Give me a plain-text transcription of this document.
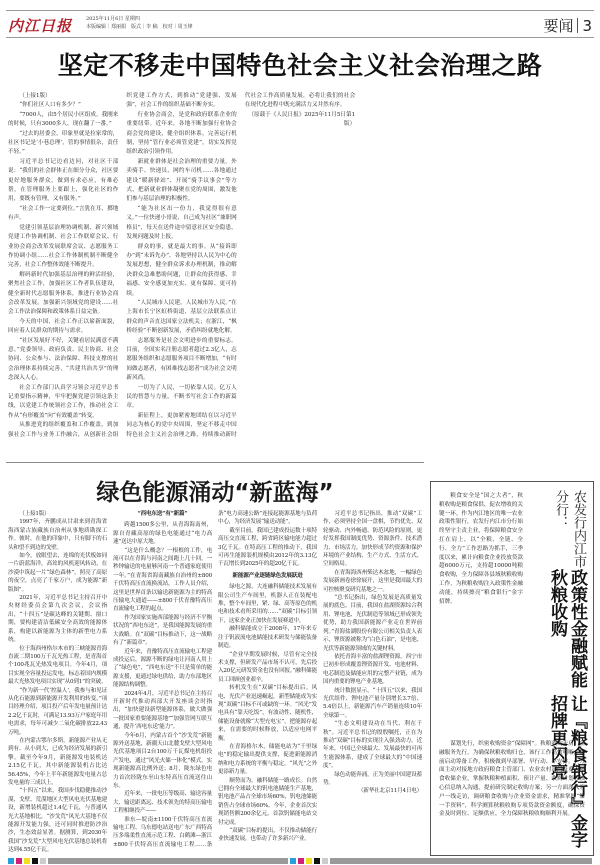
内江日报	2025年11月6日 星期四
本版编辑｜郑丽娟　版式｜李 稿　校对｜周玉烽	要闻 3
坚定不移走中国特色社会主义社会治理之路

（上接1版）

“你们社区人口有多少？”

“7000人，由5个居民小区组成。我刚来的时候，只有3000多人，现在翻了一番。”

“过去的居委会，印象里就是拉家常的，社区书记是‘小巷总理’，管的事情很杂，责任不轻。”

习近平总书记边看边问，对社区干部说：“我们的社会群体正在细分分众，社区要更好地服务群众，做到有求必应，有难必帮，在管理服务上要跟上，强化社区的作用，要既有管理，又有服务。”

“社会工作一定要到位。”言犹在耳，掷地有声。

党建引领基层治理协调机制、新兴领域党建工作协调机制、社会工作联席会议、行业协会商会改革发展联席会议、志愿服务工作协调小组……社会工作体制机制不断健全完善，社会工作整体效能不断提升。

解码新时代加强基层治理的鲜活经验，聚焦社会工作，加强社区工作者队伍建设，健全新时代志愿服务体系，推进行业协会商会改革发展，加强新兴领域党的建设……社会工作法治保障和政策体系日益完备。

今天的中国，社会工作正以崭新面貌，回应着人民群众的期待与需求。

“社区发展好不好，关键看居民满意不满意。”党委领导、政府负责、民主协商、社会协同、公众参与、法治保障、科技支撑的社会治理体系持续完善，“共建共治共享”的理念深入人心。

社会工作部门认真学习领会习近平总书记重要指示精神，牢牢把握党建引领这条主线，以党建工作统领社会工作，推动社会工作从“有形覆盖”向“有效覆盖”转变。

从推进党的组织覆盖和工作覆盖，到加强社会工作与业务工作融合，从创新社会组织党建工作方式，到推动“党建强、发展强”，社会工作的组织基础不断夯实。

行业协会商会，是党和政府联系企业的重要纽带。近年来，各地不断加强行业协会商会党的建设，健全组织体系，完善运行机制，坚持“管行业必须管党建”，切实发挥党组织政治引领作用。

新就业群体是社会治理的重要力量。外卖骑手、快递员、网约车司机……各地通过建设“暖新驿站”、开展“骑手议事会”等方式，把新就业群体凝聚在党的周围，激发他们参与基层治理的积极性。

“能为社区出一份力，我觉得很有意义。”一位快递小哥说，自己成为社区“兼职网格员”，每天在送件途中留意社区安全隐患，发现问题及时上报。

群众的事，就是最大的事。从“接诉即办”到“未诉先办”，各地坚持以人民为中心的发展思想，健全群众诉求办理机制，推动解决群众急难愁盼问题，让群众的获得感、幸福感、安全感更加充实、更有保障、更可持续。

“人民城市人民建，人民城市为人民。”在上海市长宁区虹桥街道，基层立法联系点让群众的声音直达国家立法机关；在浙江，“枫桥经验”不断创新发展，矛盾纠纷就地化解。

志愿服务是社会文明进步的重要标志。目前，全国实名注册志愿者超过2.3亿人，志愿服务组织和志愿服务项目不断增加，“有时间做志愿者，有困难找志愿者”成为社会文明新风尚。

一切为了人民，一切依靠人民。亿万人民的智慧与力量，不断书写社会工作的新篇章。

新征程上，更加紧密地团结在以习近平同志为核心的党中央周围，坚定不移走中国特色社会主义社会治理之路，持续推动新时代社会工作高质量发展，必将让我们的社会在现代化进程中既充满活力又井然有序。

（原载于《人民日报》2025年11月5日第1版）

绿色能源涌动“新蓝海”

（上接1版）

1997年，齐鹏成从甘肃来到青海省海西蒙古族藏族自治州从事地质勘探工作。彼时，在他的印象中，只有脚下的石头和望不到边的戈壁。

如今，放眼望去，连绵的光伏板如同一片蔚蓝海洋，高耸的风机迎风转动，在沙漠中筑起一片“绿色森林”，照亮了高原的夜空，点亮了千家万户，成为能源“新版图”。

2021年，习近平总书记主持召开中央财经委员会第九次会议，会议指出，“十四五”是碳达峰的关键期、窗口期，要构建清洁低碳安全高效的能源体系，构建以新能源为主体的新型电力系统。

位于海西州格尔木市的三峡能源青海直流二期100万千瓦光热工程，是青海首个100兆瓦光热发电项目。今年4月，项目实现全容量投运发电，标志着国内规模最大光热发电项目实现“从0到1”的突破。

“作为新一代‘控温人’，我参与和见证从化石能源到新能源开发利用的转变。”项目经理介绍，项目投产后年发电量预计达2.2亿千瓦时，可满足13.93万户家庭年用电需求，每年可减少二氧化碳排放22.43万吨。

在内蒙古鄂尔多斯，新能源产业从无到有、从小到大，已成为经济发展的新引擎。截至今年9月，新能源发电装机达2.15亿千瓦，其中新能源装机占比达56.45%，今年上半年新能源发电量占总发电量的三成以上。

“十四五”以来，我国步伐稳健推动沙漠、戈壁、荒漠地区大型风电光伏基地建设，新增装机超过1.4亿千瓦，与普通风光大基地相比，“沙戈荒”风光大基地不仅能源开发能力强，还可同时推进防沙治沙，生态效益显著。据测算，到2030年我国“沙戈荒”大型风电光伏基地总装机将达到4.55亿千瓦。

“西电东送”有“新篇”

跨越1500多公里，从青海海南州，源自青藏高原的绿色电能通过“电力高速”送达中原大地。

“这是什么概念？一根根的工件，电流可以在青海与河南之间跑上几十回。一秒钟输送的电量够河南一个普通家庭使用一年。”在青海省海南藏族自治州的±800千伏特高压直流换流站，工作人员介绍，这里是世界首条以输送新能源为主的特高压输电大通道——±800千伏青豫特高压直流输电工程的起点。

作为国家实施西部能源与经济不平衡状况的“西电东送”，是我国能源发展的重大战略。在“双碳”目标推动下，这一战略有了“新篇章”。

近年来，青豫特高压直流输电工程建成投运后，源源不断的绿电让河南人用上了“绿色电”，“西电东送”不只是简单的能源支援，更通过绿电供给，助力东部地区能源结构调整。

2024年4月，习近平总书记在主持召开新时代推动西部大开发座谈会时指出，“加快建设新型能源体系，做大做强一批国家重要能源基地”“加强管网互联互通，提升‘西电东送’能力”。

今年6月，内蒙古首个“沙戈荒”新能源外送基地，新疆天山北麓戈壁大型风电光伏基地项目2台100万千瓦煤电机组投产发电，通过“风光火储一体化”模式，实现新能源高比例外送；8月，陇东绿色电力首次经陇东至山东特高压直流送往山东。

近年来，一批电压等级高、输送容量大、输送距离远、技术领先的特高压输电工程相继投产——

准东—皖南±1100千伏特高压直流输电工程、乌东德电站送电广东广西特高压多端柔性直流示范工程、白鹤滩—浙江±800千伏特高压直流输电工程……条条“电力高速公路”连接起能源基地与负荷中心，为经济发展“输送动能”。

截至目前，我国已建成投运数十项特高压交直流工程，跨省跨区输电能力超过3亿千瓦。在特高压工程的推动下，我国可再生能源装机规模由2012年的3.13亿千瓦增长到2025年的超20亿千瓦。

新能源产业逐链绿色发展跃进

绿电之源，大连融科储能技术发展有限公司生产车间里，机器人正在装配电堆，整个车间里，紧、绿、高等原色的机电和技术看所采用的……“双碳”目标引领下，这家企业正加快在发展赛道中。

融科储能成立于2008年，17年来专注于钒液流电池储能技术研发与储能装备制造。

“企业早期发展时候，尽管有完全技术支撑，但研发产品市场不认可，先后投入20亿元研发资金也没有回报。”融科储能员工回顾创业艰辛。

转机发生在“双碳”目标提出后。风电、光伏产业迅速崛起，新型储能成为实现“双碳”目标不可或缺的一环。“风光”发电具有“靠天吃饭”，有波动性、随机性，储能设备就像“大型充电宝”，把能源存起来，在需要的时候释放，以适应电网平衡。

在青海格尔木，储能电站为“千里绿电”的稳定输出提供支撑，促进新能源消纳和电力系统的平衡与稳定，“风光”之外更添新力量。

顺势而为，融科储能一路成长。自然已拥有全球最大的钒电池储能生产基地，钒电池产品占全球市场60%，钒电池储能销售占全球市场60%。今年，企业首次实现销售额200余亿元，首款钒储能电站交付完成。

“双碳”目标的提出，不仅推动储能行业快速发展，也带动了许多新兴产业。

习近平总书记指出，推动“双碳”工作，必须坚持全国一盘棋，节约优先、双轮驱动、内外畅通、防范风险的原则，更好发挥我国制度优势、资源条件、技术潜力、市场活力，加快形成节约资源和保护环境的产业结构、生产方式、生活方式、空间格局。

在青海海西州柴达木盆地，一幅绿色发展新画卷徐徐展开，这里是我国最大的可控核聚变研究基地之一。

“总书记指出，绿色发展是高质量发展的底色。目前，我国在盐湖资源综合利用、锂电池、光伏制造等领域已形成领先优势，助力我国新能源产业走在世界前列。”青海盐湖股份有限公司相关负责人表示，锂资源被称为“白色石油”，是电池、光伏等新能源领域的关键材料。

依托青海丰富的盐湖锂资源，西宁市已初步形成覆盖锂资源开发、电池材料、电芯制造及储能应用的完整产业链，成为国内重要的锂电产业基地。

统计数据显示，“十四五”以来，我国光伏组件、锂电池产量分别增长3.7倍、5.4倍以上，新能源汽车产销量连续10年全球第一。

“生态文明建设功在当代、利在千秋”。习近平总书记的殷殷嘱托，正在为推动“双碳”目标的实现注入强劲动力。近年来，中国已全球最大、发展最快的可再生能源体系，建成了全球最大的“中国速度”。

绿色动能奔涌，正为美丽中国建设蓄势。

（新华社北京11月4日电）

农发行内江市分行：
政策性金融赋能秋粮收购
让『粮食银行』金字招牌更闪亮

粮食安全是“国之大者”，秋粮收购是粮食保供、促农增收的关键一环。作为内江地区的唯一农业政策性银行，农发行内江市分行始终坚守主责主业，将保障粮食安全扛在肩上，以“全粮、全链、全行、全力”工作思路为抓手，三季度以来，累计向粮食企业投放贷款超6000万元，支持超10000吨粮食收购，全力保障各县域秋粮收购工作，为秋粮收购注入政策性金融动能，持续擦亮“粮食银行”金字招牌。

谋划先行，织密收购资金“保障网”。秋粮收购未启，金融服务先行。为确保秋粮收购归仓，该行工作高效明晰，提前启动筹备工作，积极做到早部署、早行动、早安排。一方面主动对接地方政府粮食主管部门、农业农村部门及重点粮食收储企业，掌握秋粮种植面积、预计产量、收购计划等核心信息纳入沟通，提前研究制定收购方案；另一方面深入客户一线走访，调研粮食收购与企业资金需求，精准掌握“第一手资料”，科学测算秋粮收购专项贷款资金额度，确保资金及时到位、足额供应，全力保障秋粮收购顺利开展。
